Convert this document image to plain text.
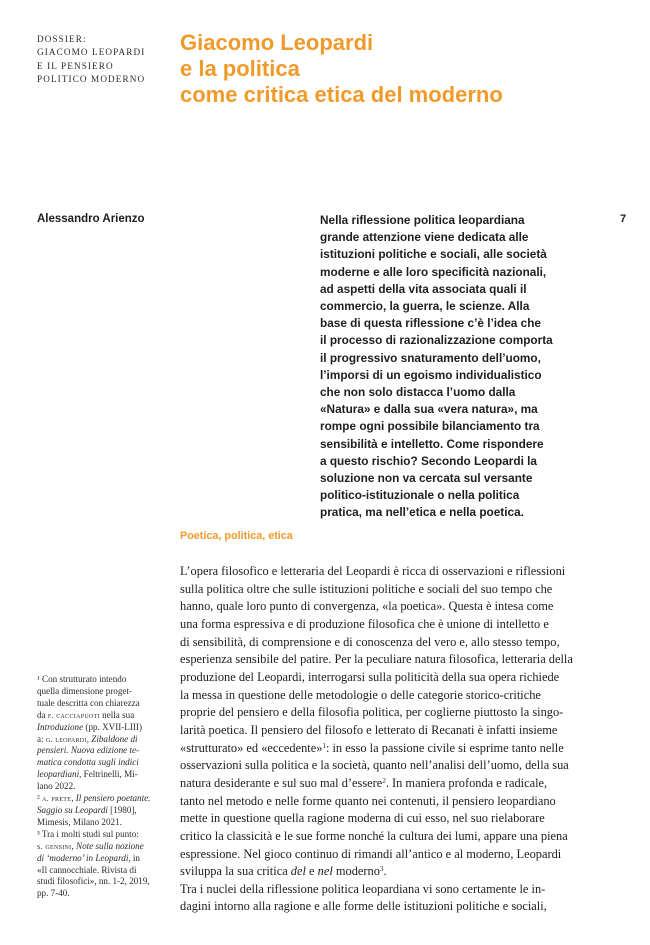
DOSSIER:
GIACOMO LEOPARDI
E IL PENSIERO
POLITICO MODERNO
Giacomo Leopardi
e la politica
come critica etica del moderno
Alessandro Arienzo	7
Nella riflessione politica leopardiana
grande attenzione viene dedicata alle
istituzioni politiche e sociali, alle società
moderne e alle loro specificità nazionali,
ad aspetti della vita associata quali il
commercio, la guerra, le scienze. Alla
base di questa riflessione c’è l’idea che
il processo di razionalizzazione comporta
il progressivo snaturamento dell’uomo,
l’imporsi di un egoismo individualistico
che non solo distacca l’uomo dalla
«Natura» e dalla sua «vera natura», ma
rompe ogni possibile bilanciamento tra
sensibilità e intelletto. Come rispondere
a questo rischio? Secondo Leopardi la
soluzione non va cercata sul versante
politico-istituzionale o nella politica
pratica, ma nell’etica e nella poetica.
Poetica, politica, etica
L’opera filosofico e letteraria del Leopardi è ricca di osservazioni e riflessioni
sulla politica oltre che sulle istituzioni politiche e sociali del suo tempo che
hanno, quale loro punto di convergenza, «la poetica». Questa è intesa come
una forma espressiva e di produzione filosofica che è unione di intelletto e
di sensibilità, di comprensione e di conoscenza del vero e, allo stesso tempo,
esperienza sensibile del patire. Per la peculiare natura filosofica, letteraria della
produzione del Leopardi, interrogarsi sulla politicità della sua opera richiede
la messa in questione delle metodologie o delle categorie storico-critiche
proprie del pensiero e della filosofia politica, per coglierne piuttosto la singo-
larità poetica. Il pensiero del filosofo e letterato di Recanati è infatti insieme
«strutturato» ed «eccedente»$^1$: in esso la passione civile si esprime tanto nelle
osservazioni sulla politica e la società, quanto nell’analisi dell’uomo, della sua
natura desiderante e sul suo mal d’essere$^2$. In maniera profonda e radicale,
tanto nel metodo e nelle forme quanto nei contenuti, il pensiero leopardiano
mette in questione quella ragione moderna di cui esso, nel suo rielaborare
critico la classicità e le sue forme nonché la cultura dei lumi, appare una piena
espressione. Nel gioco continuo di rimandi all’antico e al moderno, Leopardi
sviluppa la sua critica del e nel moderno$^3$.
Tra i nuclei della riflessione politica leopardiana vi sono certamente le in-
dagini intorno alla ragione e alle forme delle istituzioni politiche e sociali,
¹ Con strutturato intendo
quella dimensione proget-
tuale descritta con chiarezza
da f. cacciapuoti nella sua
Introduzione (pp. XVII-LIII)
a: g. leopardi, Zibaldone di
pensieri. Nuova edizione te-
matica condotta sugli indici
leopardiani, Feltrinelli, Mi-
lano 2022.
² a. prete, Il pensiero poetante.
Saggio su Leopardi [1980],
Mimesis, Milano 2021.
³ Tra i molti studi sul punto:
s. gensini, Note sulla nozione
di ‘moderno’ in Leopardi, in
«Il cannocchiale. Rivista di
studi filosofici», nn. 1-2, 2019,
pp. 7-40.
